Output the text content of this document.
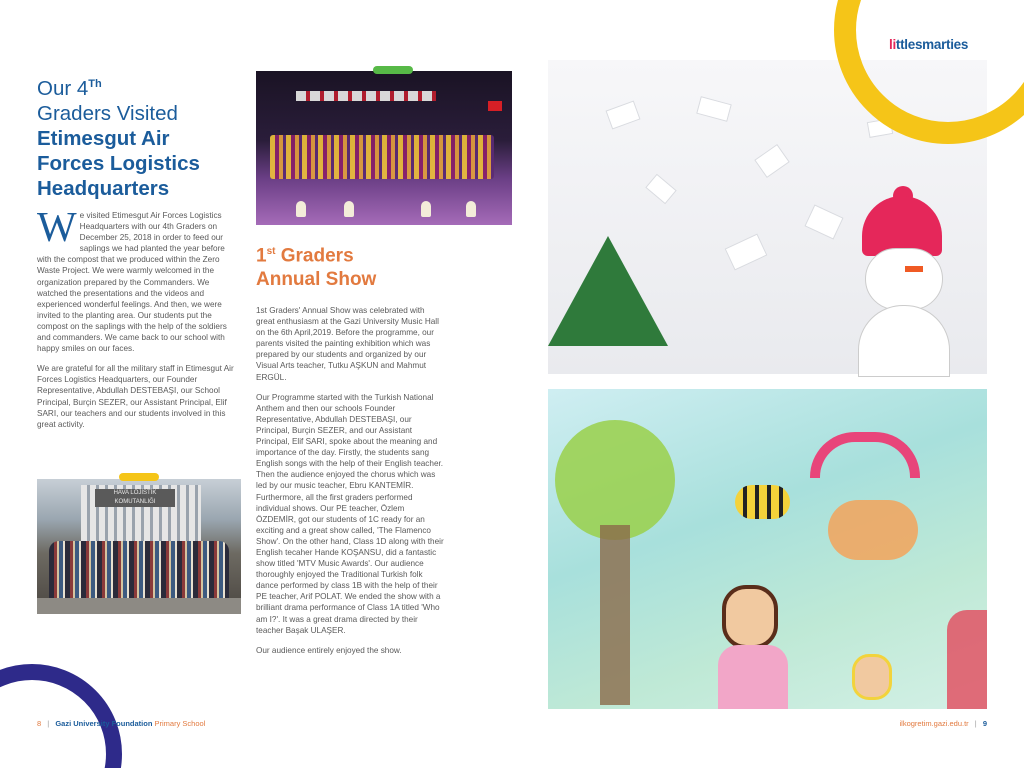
Our 4Th
Graders Visited
Etimesgut Air
Forces Logistics
Headquarters

We visited Etimesgut Air Forces Logistics Headquarters with our 4th Graders on December 25, 2018 in order to feed our saplings we had planted the year before with the compost that we produced within the Zero Waste Project. We were warmly welcomed in the organization prepared by the Commanders. We watched the presentations and the videos and experienced wonderful feelings. And then, we were invited to the planting area. Our students put the compost on the saplings with the help of the soldiers and commanders. We came back to our school with happy smiles on our faces.

We are grateful for all the military staff in Etimesgut Air Forces Logistics Headquarters, our Founder Representative, Abdullah DESTEBAŞI, our School Principal, Burçin SEZER, our Assistant Principal, Elif SARI, our teachers and our students involved in this great activity.

1st Graders
Annual Show

1st Graders' Annual Show was celebrated with great enthusiasm at the Gazi University Music Hall on the 6th April,2019. Before the programme, our parents visited the painting exhibition which was prepared by our students and organized by our Visual Arts teacher, Tutku AŞKUN and Mahmut ERGÜL.

Our Programme started with the Turkish National Anthem and then our schools Founder Representative, Abdullah DESTEBAŞI, our Principal, Burçin SEZER, and our Assistant Principal, Elif SARI, spoke about the meaning and importance of the day. Firstly, the students sang English songs with the help of their English teacher. Then the audience enjoyed the chorus which was led by our music teacher, Ebru KANTEMİR. Furthermore, all the first graders performed individual shows. Our PE teacher, Özlem ÖZDEMİR, got our students of 1C ready for an exciting and a great show called, 'The Flamenco Show'. On the other hand, Class 1D along with their English tecaher Hande KOŞANSU, did a fantastic show titled 'MTV Music Awards'. Our audience thoroughly enjoyed the Traditional Turkish folk dance performed by class 1B with the help of their PE teacher, Arif POLAT. We ended the show with a brilliant drama performance of Class 1A titled 'Who am I?'. It was a great drama directed by their teacher Başak ULAŞER.

Our audience entirely enjoyed the show.

HAVA LOJİSTİK KOMUTANLIĞI
8 | Gazi University Foundation Primary School
littlesmarties
ilkogretim.gazi.edu.tr | 9
